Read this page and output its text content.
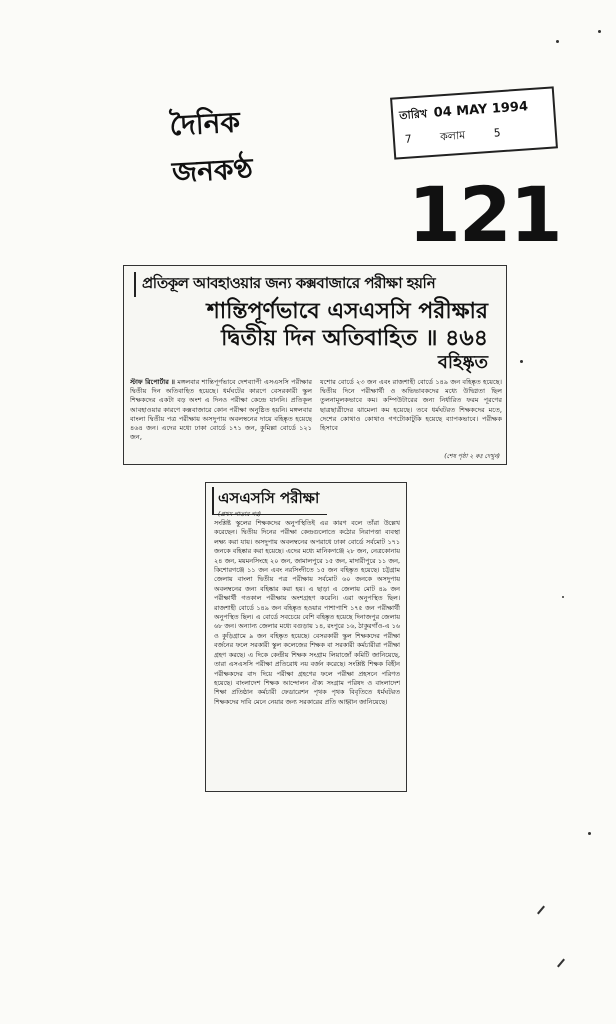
দৈনিক জনকণ্ঠ
তারিখ 04 MAY 1994
7	কলাম	5
121
প্রতিকূল আবহাওয়ার জন্য কক্সবাজারে পরীক্ষা হয়নি
শান্তিপূর্ণভাবে এসএসসি পরীক্ষার
দ্বিতীয় দিন অতিবাহিত ॥ ৪৬৪
বহিষ্কৃত
স্টাফ রিপোর্টার ॥ মঙ্গলবার শান্তিপূর্ণভাবে দেশব্যাপী এসএসসি পরীক্ষার দ্বিতীয় দিন অতিবাহিত হয়েছে। ধর্মঘটের কারণে বেসরকারী স্কুল শিক্ষকদের একটা বড় অংশ এ দিনও পরীক্ষা কেন্দ্রে যাননি। প্রতিকূল আবহাওয়ার কারণে কক্সবাজারে কোন পরীক্ষা অনুষ্ঠিত হয়নি। মঙ্গলবার বাংলা দ্বিতীয় পত্র পরীক্ষায় অসদুপায় অবলম্বনের দায়ে বহিষ্কৃত হয়েছে ৪৬৪ জন। এদের মধ্যে ঢাকা বোর্ডে ১৭১ জন, কুমিল্লা বোর্ডে ১২১ জন,
যশোর বোর্ডে ২৩ জন এবং রাজশাহী বোর্ডে ১৪৯ জন বহিষ্কৃত হয়েছে। দ্বিতীয় দিনে পরীক্ষার্থী ও অভিভাবকদের মধ্যে উদ্বিগ্নতা ছিল তুলনামূলকভাবে কম। কম্পিউটারের জন্য নির্ধারিত ফরম পূরণের ছাত্রছাত্রীদের ঝামেলা কম হয়েছে। তবে ধর্মঘটরত শিক্ষকদের মতে, দেশের কোথাও কোথাও গণটোকাটুকি হয়েছে ব্যাপকভাবে। পরীক্ষক হিসাবে
(শেষ পৃষ্ঠা ২ কঃ দেখুন)
এসএসসি পরীক্ষা
(প্রথম পাতার পর)
সংশ্লিষ্ট স্কুলের শিক্ষকদের অনুপস্থিতিই এর কারণ বলে তাঁরা উল্লেখ করেছেন। দ্বিতীয় দিনের পরীক্ষা কেন্দ্রগুলোতে কঠোর নিরাপত্তা ব্যবস্থা লক্ষ্য করা যায়। অসদুপায় অবলম্বনের অপরাধে ঢাকা বোর্ডে সর্বমোট ১৭১ জনকে বহিষ্কার করা হয়েছে। এদের মধ্যে মানিকগঞ্জে ২৮ জন, নেত্রকোনায় ২৪ জন, ময়মনসিংহে ২০ জন, জামালপুরে ১৫ জন, মাদারীপুরে ১১ জন, কিশোরগঞ্জে ১১ জন এবং নরসিংদীতে ১৫ জন বহিষ্কৃত হয়েছে। চট্টগ্রাম জেলায় বাংলা দ্বিতীয় পত্র পরীক্ষায় সর্বমোট ৬০ জনকে অসদুপায় অবলম্বনের জন্য বহিষ্কার করা হয়। এ ছাড়া এ জেলায় মোট ৪৯ জন পরীক্ষার্থী গতকাল পরীক্ষায় অংশগ্রহণ করেনি। এরা অনুপস্থিত ছিল। রাজশাহী বোর্ডে ১৪৯ জন বহিষ্কৃত হওয়ার পাশাপাশি ১৭৫ জন পরীক্ষার্থী অনুপস্থিত ছিল। এ বোর্ডে সবচেয়ে বেশি বহিষ্কৃত হয়েছে দিনাজপুর জেলায় ৬৮ জন। অন্যান্য জেলার মধ্যে বগুড়ায় ১৪, রংপুরে ১৬, ঠাকুরগাঁও-এ ১৬ ও কুড়িগ্রামে ৯ জন বহিষ্কৃত হয়েছে। বেসরকারী স্কুল শিক্ষকদের পরীক্ষা বর্জনের ফলে সরকারী স্কুল কলেজের শিক্ষক বা সরকারী কর্মচারীরা পরীক্ষা গ্রহণ করছে। এ দিকে কেন্দ্রীয় শিক্ষক সংগ্রাম লিয়াজোঁ কমিটি জানিয়েছে, তারা এসএসসি পরীক্ষা প্রতিরোধ নয় বর্জন করেছে। সংশ্লিষ্ট শিক্ষক বিহীন পরীক্ষকদের বাদ দিয়ে পরীক্ষা গ্রহণের ফলে পরীক্ষা প্রহসনে পরিণত হয়েছে। বাংলাদেশ শিক্ষক আন্দোলন ঐক্য সংগ্রাম পরিষদ ও বাংলাদেশ শিক্ষা প্রতিষ্ঠান কর্মচারী ফেডারেশন পৃথক পৃথক বিবৃতিতে ধর্মঘটরত শিক্ষকদের দাবি মেনে নেয়ার জন্য সরকারের প্রতি আহ্বান জানিয়েছে।
